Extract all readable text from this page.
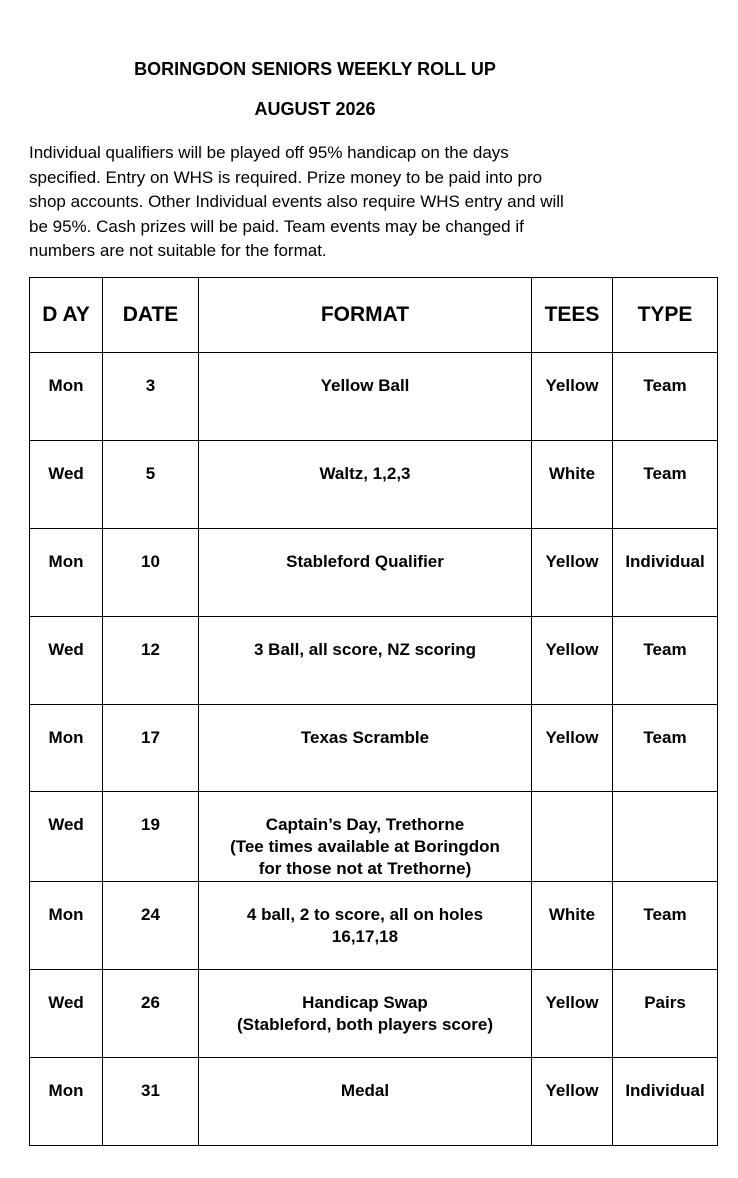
BORINGDON SENIORS WEEKLY ROLL UP
AUGUST 2026
Individual qualifiers will be played off 95% handicap on the days
specified. Entry on WHS is required. Prize money to be paid into pro
shop accounts. Other Individual events also require WHS entry and will
be 95%. Cash prizes will be paid. Team events may be changed if
numbers are not suitable for the format.
D AY	DATE	FORMAT	TEES	TYPE
Mon	3	Yellow Ball	Yellow	Team
Wed	5	Waltz, 1,2,3	White	Team
Mon	10	Stableford Qualifier	Yellow	Individual
Wed	12	3 Ball, all score, NZ scoring	Yellow	Team
Mon	17	Texas Scramble	Yellow	Team
Wed	19	Captain’s Day, Trethorne
(Tee times available at Boringdon
for those not at Trethorne)		

Mon	24	4 ball, 2 to score, all on holes
16,17,18	White	Team
Wed	26	Handicap Swap
(Stableford, both players score)	Yellow	Pairs
Mon	31	Medal	Yellow	Individual
